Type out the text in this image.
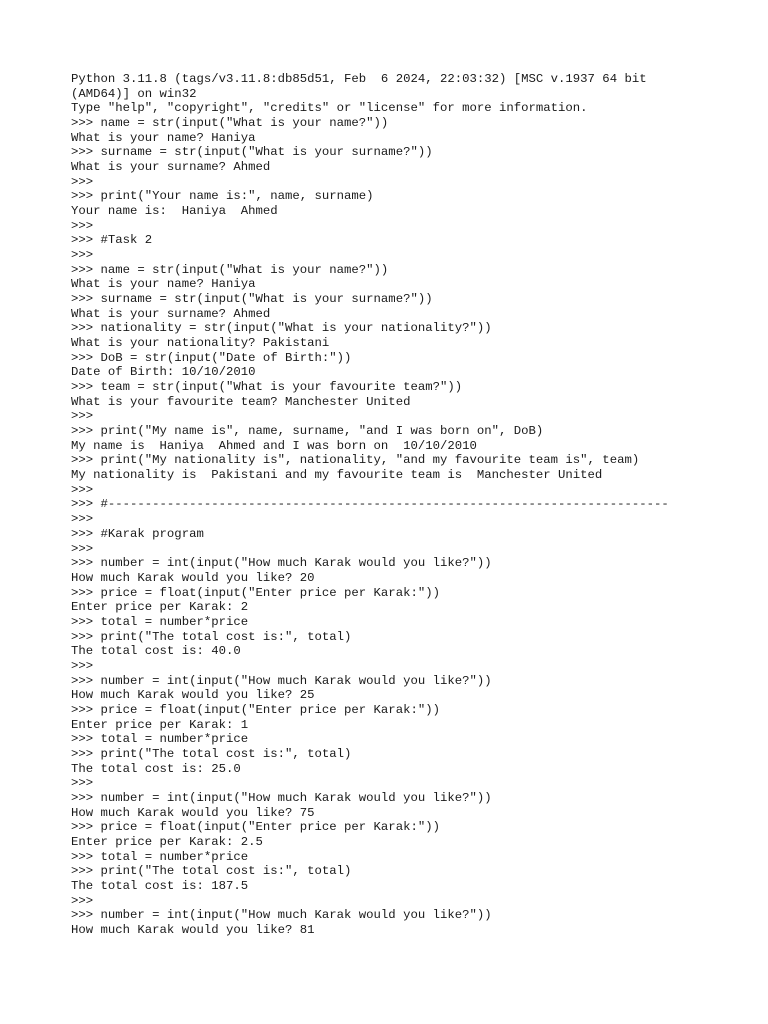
Python 3.11.8 (tags/v3.11.8:db85d51, Feb  6 2024, 22:03:32) [MSC v.1937 64 bit
(AMD64)] on win32
Type "help", "copyright", "credits" or "license" for more information.
>>> name = str(input("What is your name?"))
What is your name? Haniya
>>> surname = str(input("What is your surname?"))
What is your surname? Ahmed
>>>
>>> print("Your name is:", name, surname)
Your name is:  Haniya  Ahmed
>>>
>>> #Task 2
>>>
>>> name = str(input("What is your name?"))
What is your name? Haniya
>>> surname = str(input("What is your surname?"))
What is your surname? Ahmed
>>> nationality = str(input("What is your nationality?"))
What is your nationality? Pakistani
>>> DoB = str(input("Date of Birth:"))
Date of Birth: 10/10/2010
>>> team = str(input("What is your favourite team?"))
What is your favourite team? Manchester United
>>>
>>> print("My name is", name, surname, "and I was born on", DoB)
My name is  Haniya  Ahmed and I was born on  10/10/2010
>>> print("My nationality is", nationality, "and my favourite team is", team)
My nationality is  Pakistani and my favourite team is  Manchester United
>>>
>>> #----------------------------------------------------------------------------
>>>
>>> #Karak program
>>>
>>> number = int(input("How much Karak would you like?"))
How much Karak would you like? 20
>>> price = float(input("Enter price per Karak:"))
Enter price per Karak: 2
>>> total = number*price
>>> print("The total cost is:", total)
The total cost is: 40.0
>>>
>>> number = int(input("How much Karak would you like?"))
How much Karak would you like? 25
>>> price = float(input("Enter price per Karak:"))
Enter price per Karak: 1
>>> total = number*price
>>> print("The total cost is:", total)
The total cost is: 25.0
>>>
>>> number = int(input("How much Karak would you like?"))
How much Karak would you like? 75
>>> price = float(input("Enter price per Karak:"))
Enter price per Karak: 2.5
>>> total = number*price
>>> print("The total cost is:", total)
The total cost is: 187.5
>>>
>>> number = int(input("How much Karak would you like?"))
How much Karak would you like? 81
